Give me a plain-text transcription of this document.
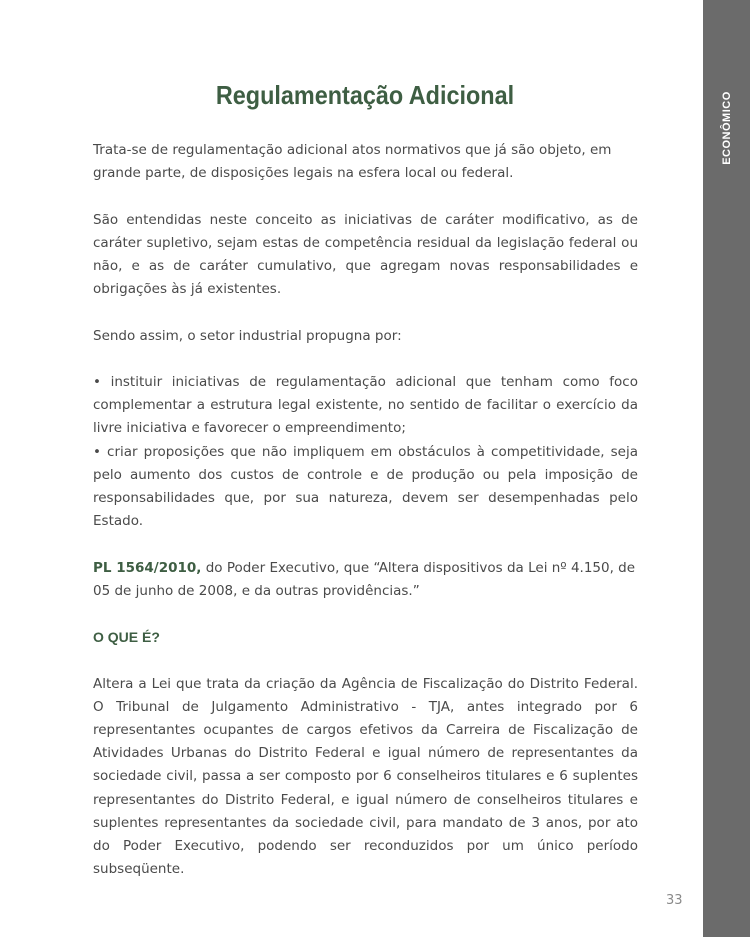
ECONÔMICO
Regulamentação Adicional

Trata-se de regulamentação adicional atos normativos que já são objeto, em grande parte, de disposições legais na esfera local ou federal.

São entendidas neste conceito as iniciativas de caráter modificativo, as de caráter supletivo, sejam estas de competência residual da legislação federal ou não, e as de caráter cumulativo, que agregam novas responsabilidades e obrigações às já existentes.

Sendo assim, o setor industrial propugna por:

• instituir iniciativas de regulamentação adicional que tenham como foco complementar a estrutura legal existente, no sentido de facilitar o exercício da livre iniciativa e favorecer o empreendimento;

• criar proposições que não impliquem em obstáculos à competitividade, seja pelo aumento dos custos de controle e de produção ou pela imposição de responsabilidades que, por sua natureza, devem ser desempenhadas pelo Estado.

PL 1564/2010, do Poder Executivo, que “Altera dispositivos da Lei nº 4.150, de 05 de junho de 2008, e da outras providências.”

O QUE É?

Altera a Lei que trata da criação da Agência de Fiscalização do Distrito Federal. O Tribunal de Julgamento Administrativo - TJA, antes integrado por 6 representantes ocupantes de cargos efetivos da Carreira de Fiscalização de Atividades Urbanas do Distrito Federal e igual número de representantes da sociedade civil, passa a ser composto por 6 conselheiros titulares e 6 suplentes representantes do Distrito Federal, e igual número de conselheiros titulares e suplentes representantes da sociedade civil, para mandato de 3 anos, por ato do Poder Executivo, podendo ser reconduzidos por um único período subseqüente.

33
